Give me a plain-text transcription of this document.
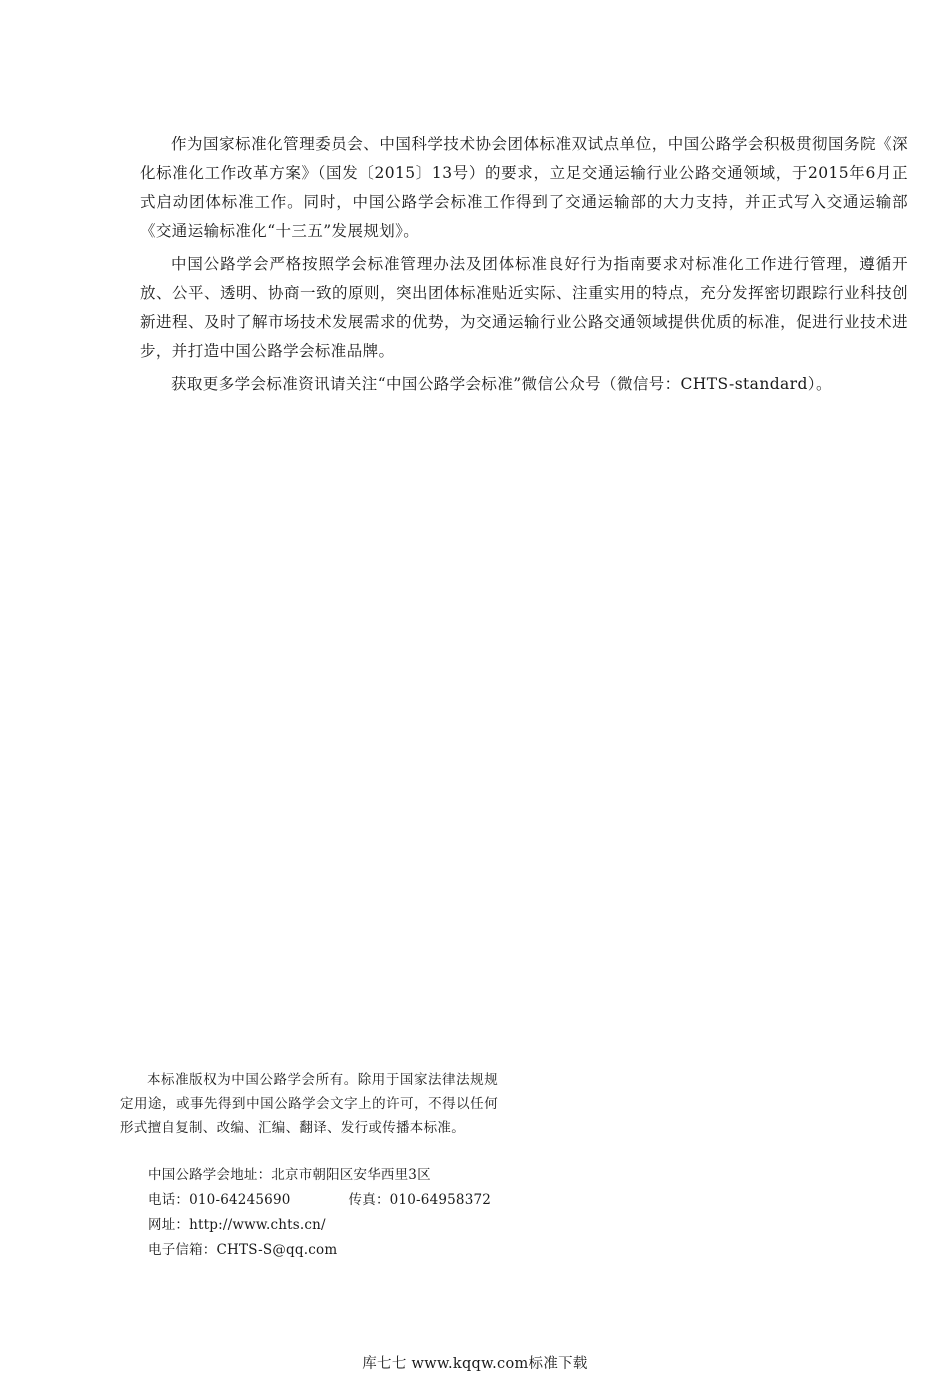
作为国家标准化管理委员会、中国科学技术协会团体标准双试点单位，中国公路学会积极贯彻国务院《深化标准化工作改革方案》（国发〔2015〕13号）的要求，立足交通运输行业公路交通领域，于2015年6月正式启动团体标准工作。同时，中国公路学会标准工作得到了交通运输部的大力支持，并正式写入交通运输部《交通运输标准化“十三五”发展规划》。

中国公路学会严格按照学会标准管理办法及团体标准良好行为指南要求对标准化工作进行管理，遵循开放、公平、透明、协商一致的原则，突出团体标准贴近实际、注重实用的特点，充分发挥密切跟踪行业科技创新进程、及时了解市场技术发展需求的优势，为交通运输行业公路交通领域提供优质的标准，促进行业技术进步，并打造中国公路学会标准品牌。

获取更多学会标准资讯请关注“中国公路学会标准”微信公众号（微信号：CHTS-standard）。

本标准版权为中国公路学会所有。除用于国家法律法规规定用途，或事先得到中国公路学会文字上的许可，不得以任何形式擅自复制、改编、汇编、翻译、发行或传播本标准。

中国公路学会地址：北京市朝阳区安华西里3区
电话：010-64245690	传真：010-64958372
网址：http://www.chts.cn/
电子信箱：CHTS-S@qq.com
库七七 www.kqqw.com标准下载
